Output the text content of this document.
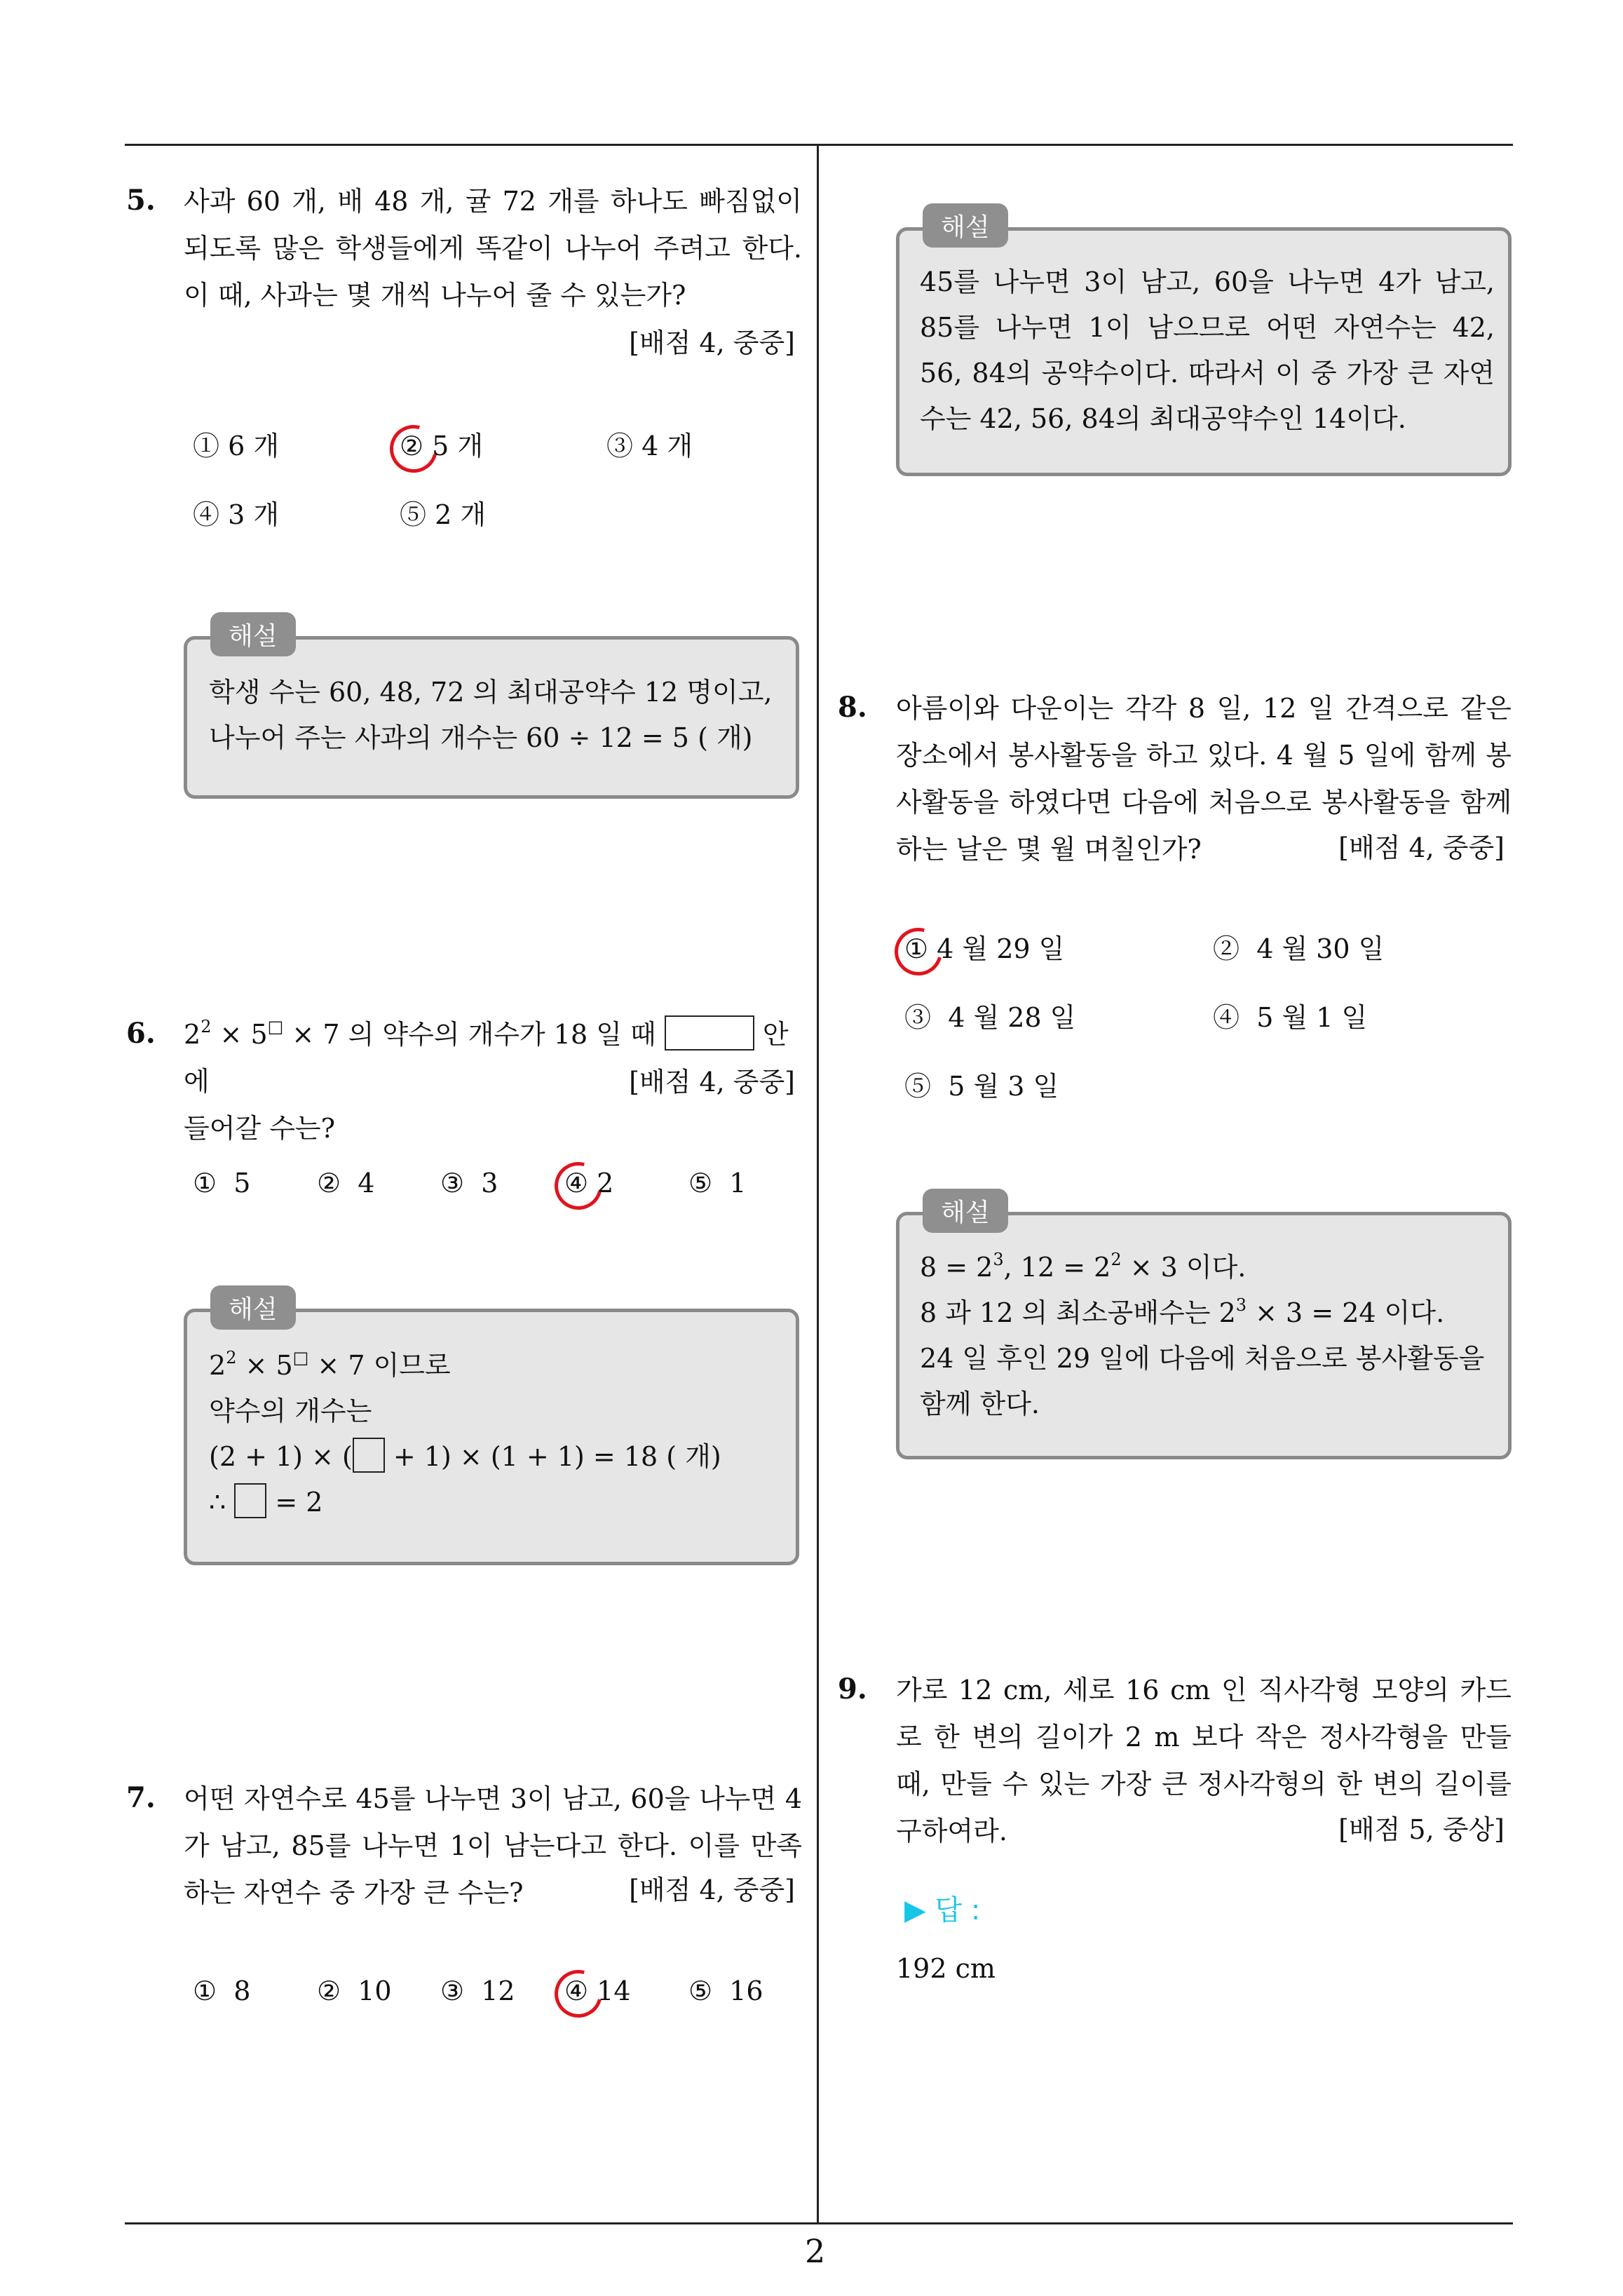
5. 사과 60 개, 배 48 개, 귤 72 개를 하나도 빠짐없이 되도록 많은 학생들에게 똑같이 나누어 주려고 한다. 이 때, 사과는 몇 개씩 나누어 줄 수 있는가?
[배점 4, 중중]
① 6 개	② 5 개	③ 4 개
④ 3 개	⑤ 2 개
해설
학생 수는 60, 48, 72 의 최대공약수 12 명이고,
나누어 주는 사과의 개수는 60 ÷ 12 = 5 ( 개)
6. $2^2 \times 5^□ \times 7$ 의 약수의 개수가 18 일 때	안에
들어갈 수는?
[배점 4, 중중]
① 5 ② 4 ③ 3 ④ 2	⑤ 1
해설
$2^2 \times 5^□ \times 7$ 이므로
약수의 개수는
(2 + 1) × ( + 1) × (1 + 1) = 18 ( 개)
∴  = 2
7. 어떤 자연수로 45를 나누면 3이 남고, 60을 나누면 4가 남고, 85를 나누면 1이 남는다고 한다. 이를 만족하는 자연수 중 가장 큰 수는?	[배점 4, 중중]
① 8 ② 10 ③ 12 ④ 14 ⑤ 16
해설
45를 나누면 3이 남고, 60을 나누면 4가 남고, 85를 나누면 1이 남으므로 어떤 자연수는 42, 56, 84의 공약수이다. 따라서 이 중 가장 큰 자연수는 42, 56, 84의 최대공약수인 14이다.
8. 아름이와 다운이는 각각 8 일, 12 일 간격으로 같은 장소에서 봉사활동을 하고 있다. 4 월 5 일에 함께 봉사활동을 하였다면 다음에 처음으로 봉사활동을 함께 하는 날은 몇 월 며칠인가?	[배점 4, 중중]
① 4 월 29 일	② 4 월 30 일
③ 4 월 28 일	④ 5 월 1 일
⑤ 5 월 3 일
해설
$8 = 2^3$, $12 = 2^2 \times 3$ 이다.
8 과 12 의 최소공배수는 $2^3 \times 3 = 24$ 이다.
24 일 후인 29 일에 다음에 처음으로 봉사활동을
함께 한다.
9. 가로 12 cm, 세로 16 cm 인 직사각형 모양의 카드로 한 변의 길이가 2 m 보다 작은 정사각형을 만들 때, 만들 수 있는 가장 큰 정사각형의 한 변의 길이를 구하여라.	[배점 5, 중상]
▶ 답 :
192 cm
2
